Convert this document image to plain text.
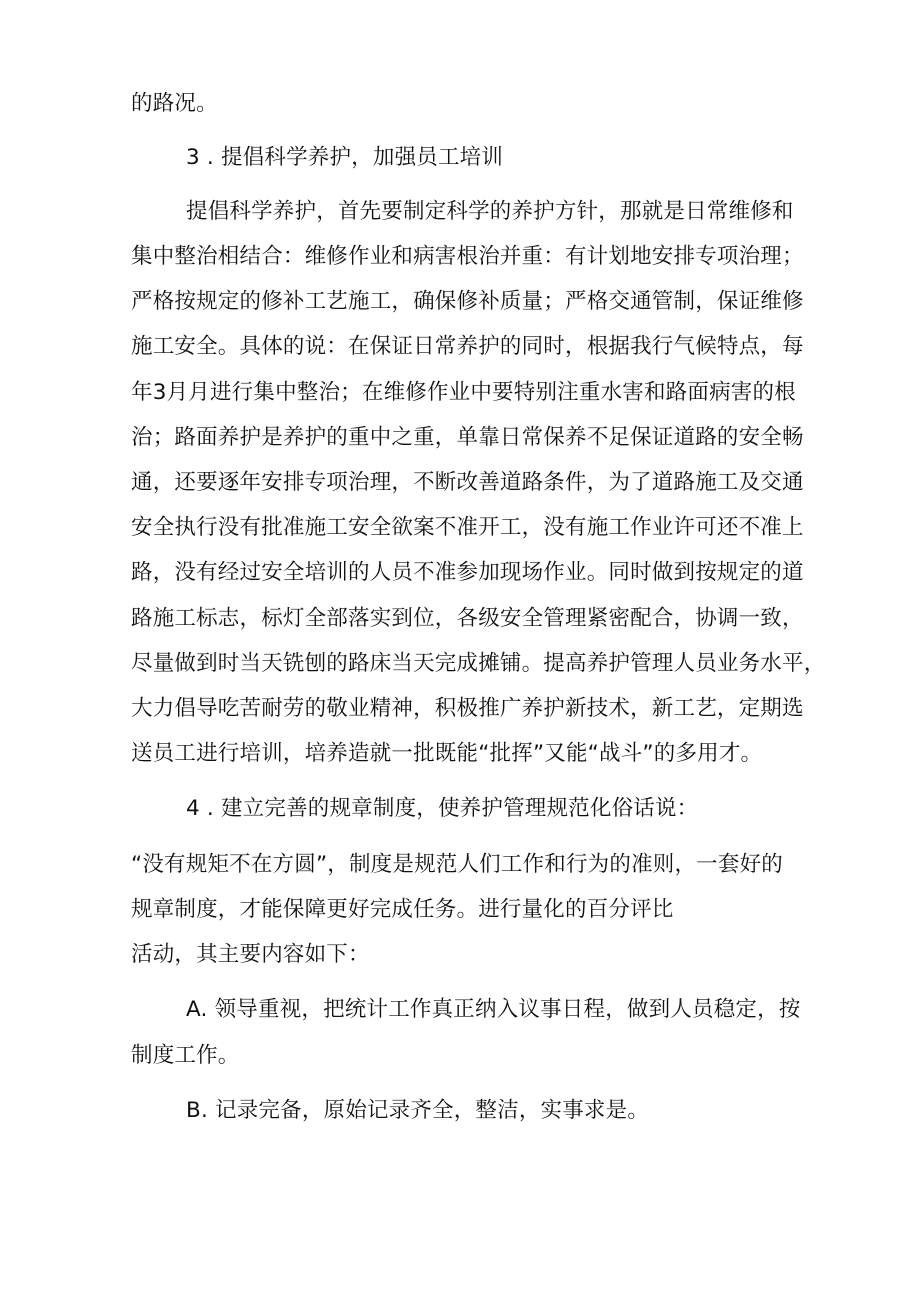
的路况。

3 . 提倡科学养护，加强员工培训

提倡科学养护，首先要制定科学的养护方针，那就是日常维修和

集中整治相结合：维修作业和病害根治并重：有计划地安排专项治理；

严格按规定的修补工艺施工，确保修补质量；严格交通管制，保证维修

施工安全。具体的说：在保证日常养护的同时，根据我行气候特点，每

年3月月进行集中整治；在维修作业中要特别注重水害和路面病害的根

治；路面养护是养护的重中之重，单靠日常保养不足保证道路的安全畅

通，还要逐年安排专项治理，不断改善道路条件，为了道路施工及交通

安全执行没有批准施工安全欲案不准开工，没有施工作业许可还不准上

路，没有经过安全培训的人员不准参加现场作业。同时做到按规定的道

路施工标志，标灯全部落实到位，各级安全管理紧密配合，协调一致，

尽量做到时当天铣刨的路床当天完成摊铺。提高养护管理人员业务水平，

大力倡导吃苦耐劳的敬业精神，积极推广养护新技术，新工艺，定期选

送员工进行培训，培养造就一批既能“批挥”又能“战斗”的多用才。

4 . 建立完善的规章制度，使养护管理规范化俗话说：

“没有规矩不在方圆”，制度是规范人们工作和行为的准则，一套好的

规章制度，才能保障更好完成任务。进行量化的百分评比

活动，其主要内容如下：

A. 领导重视，把统计工作真正纳入议事日程，做到人员稳定，按

制度工作。

B. 记录完备，原始记录齐全，整洁，实事求是。
